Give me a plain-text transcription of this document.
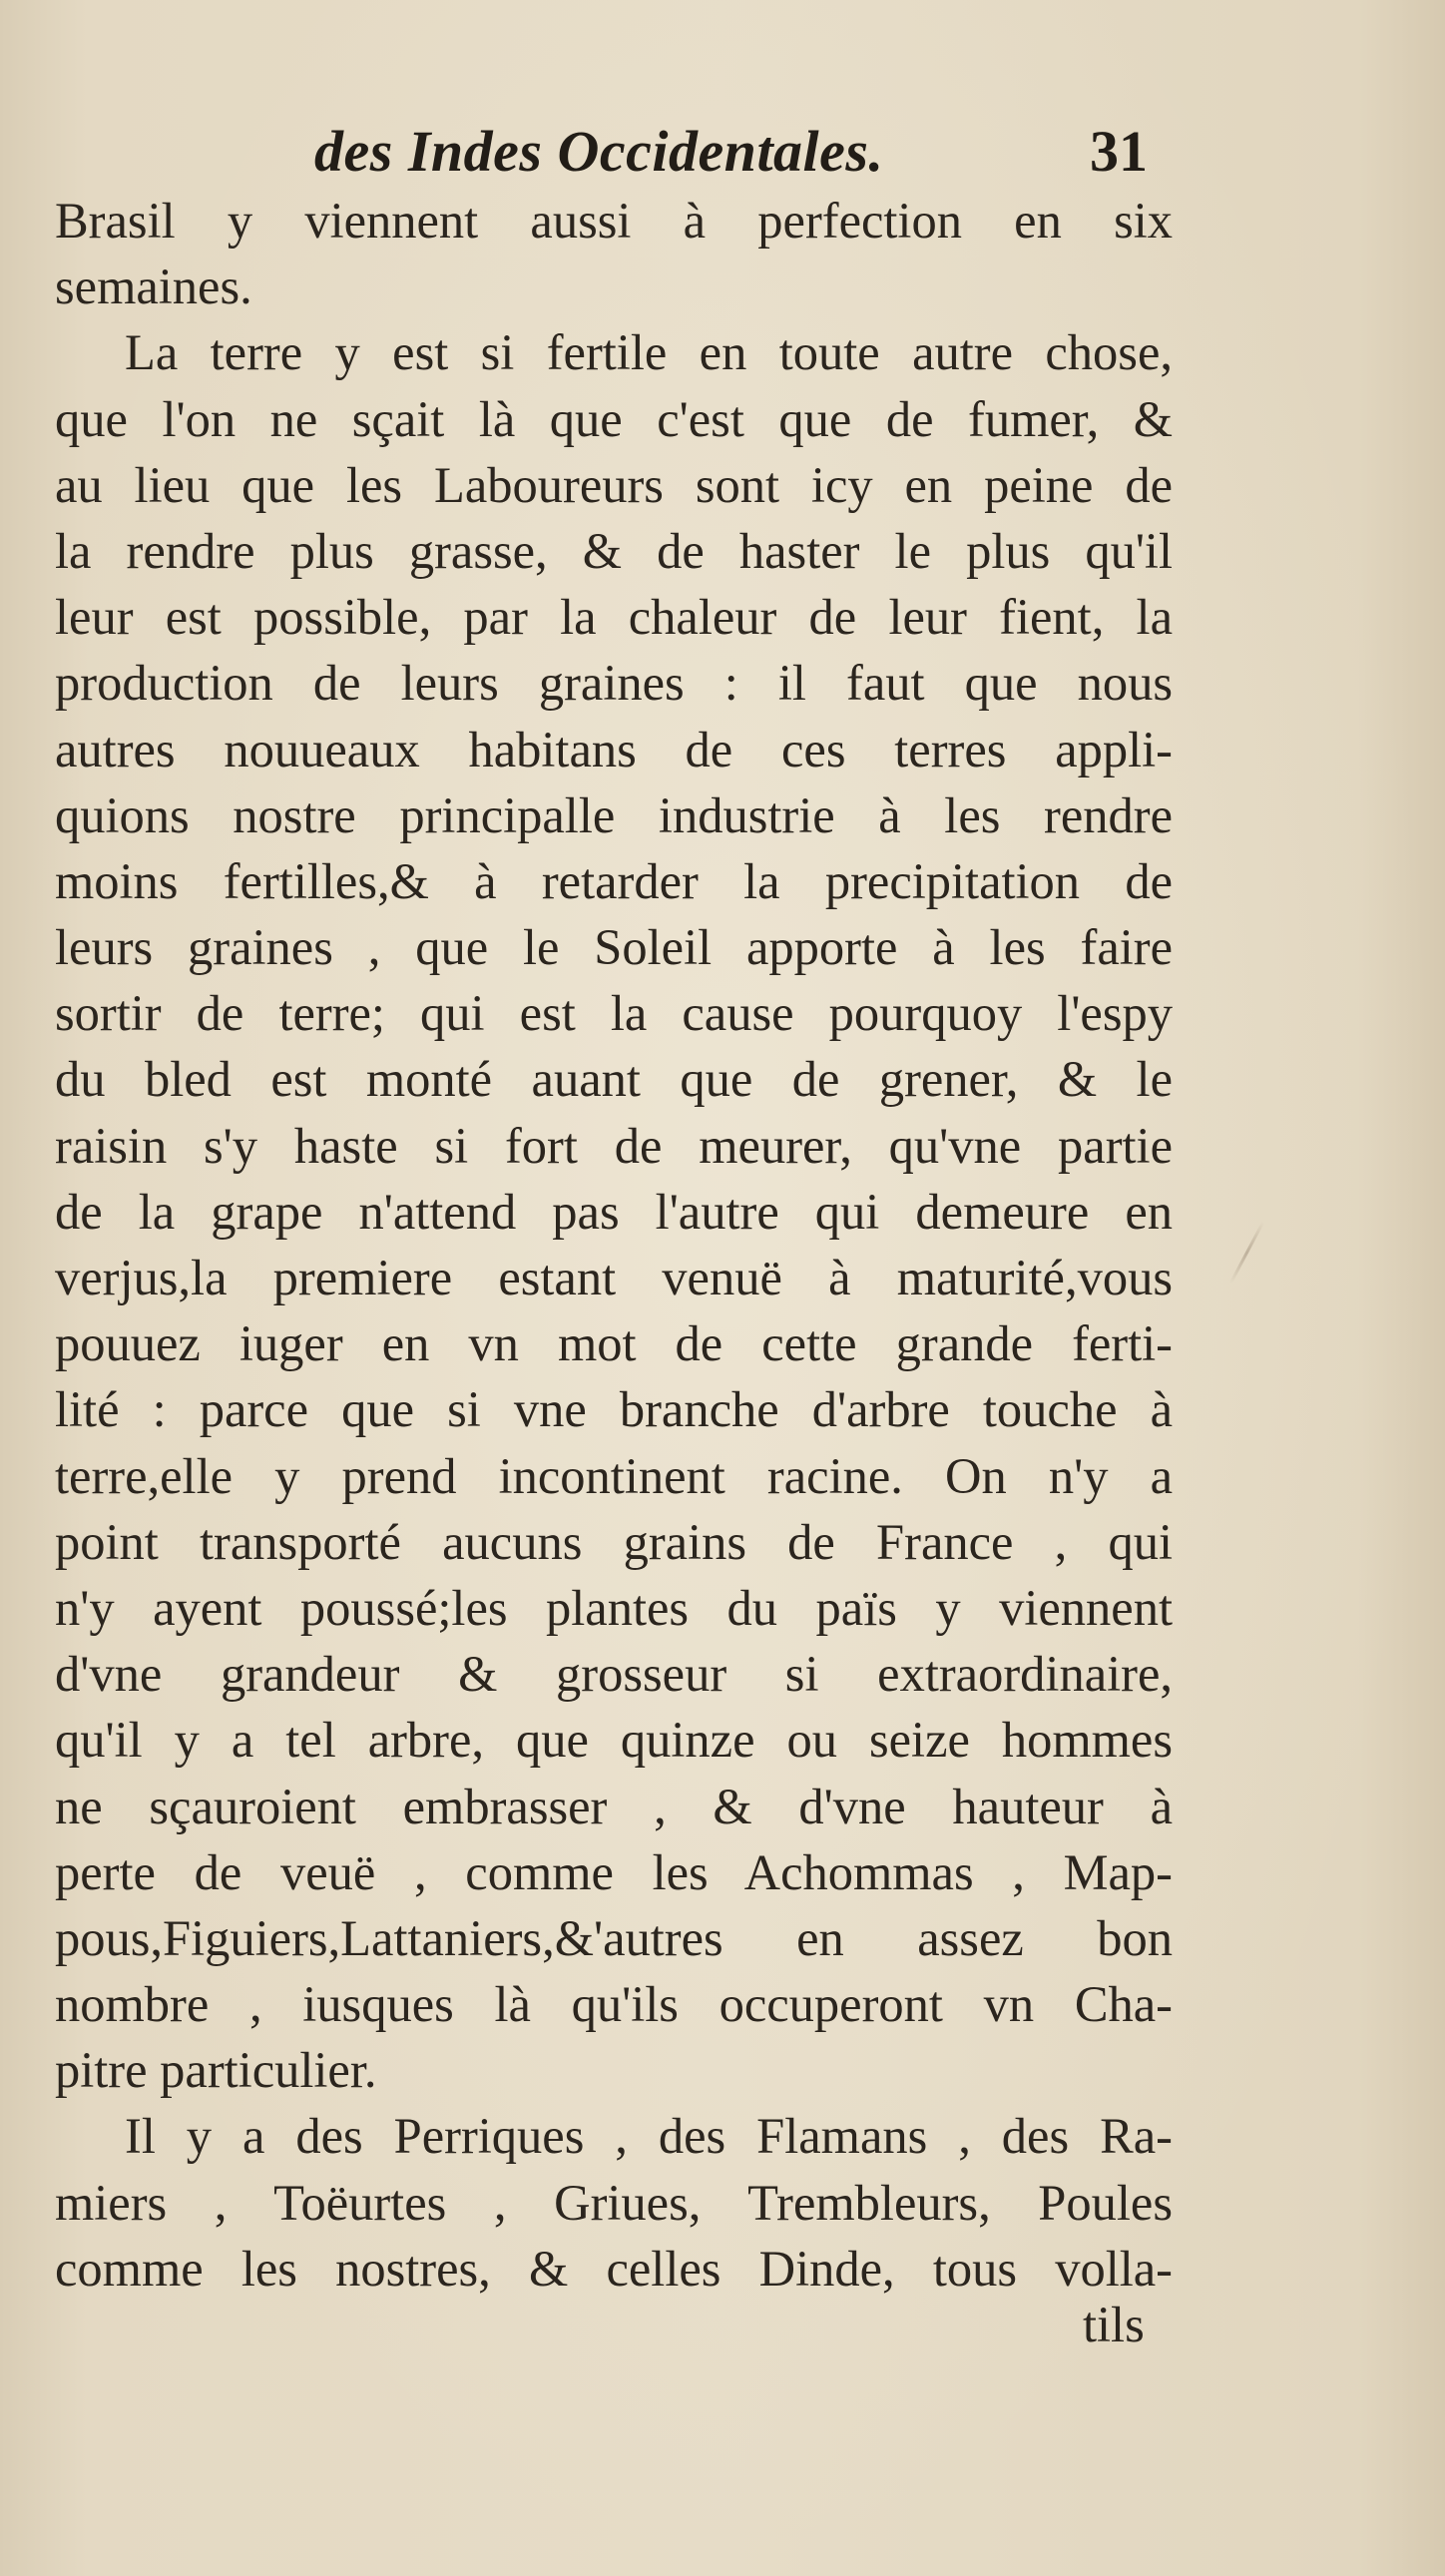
des Indes Occidentales.	31
Brasil y viennent aussi à perfection en six
semaines.
La terre y est si fertile en toute autre chose,
que l'on ne sçait là que c'est que de fumer, &
au lieu que les Laboureurs sont icy en peine de
la rendre plus grasse, & de haster le plus qu'il
leur est possible, par la chaleur de leur fient, la
production de leurs graines : il faut que nous
autres nouueaux habitans de ces terres appli-
quions nostre principalle industrie à les rendre
moins fertilles,& à retarder la precipitation de
leurs graines , que le Soleil apporte à les faire
sortir de terre; qui est la cause pourquoy l'espy
du bled est monté auant que de grener, & le
raisin s'y haste si fort de meurer, qu'vne partie
de la grape n'attend pas l'autre qui demeure en
verjus,la premiere estant venuë à maturité,vous
pouuez iuger en vn mot de cette grande ferti-
lité : parce que si vne branche d'arbre touche à
terre,elle y prend incontinent racine. On n'y a
point transporté aucuns grains de France , qui
n'y ayent poussé;les plantes du païs y viennent
d'vne grandeur & grosseur si extraordinaire,
qu'il y a tel arbre, que quinze ou seize hommes
ne sçauroient embrasser , & d'vne hauteur à
perte de veuë , comme les Achommas , Map-
pous,Figuiers,Lattaniers,&'autres en assez bon
nombre , iusques là qu'ils occuperont vn Cha-
pitre particulier.
Il y a des Perriques , des Flamans , des Ra-
miers , Toëurtes , Griues, Trembleurs, Poules
comme les nostres, & celles Dinde, tous volla-
tils
